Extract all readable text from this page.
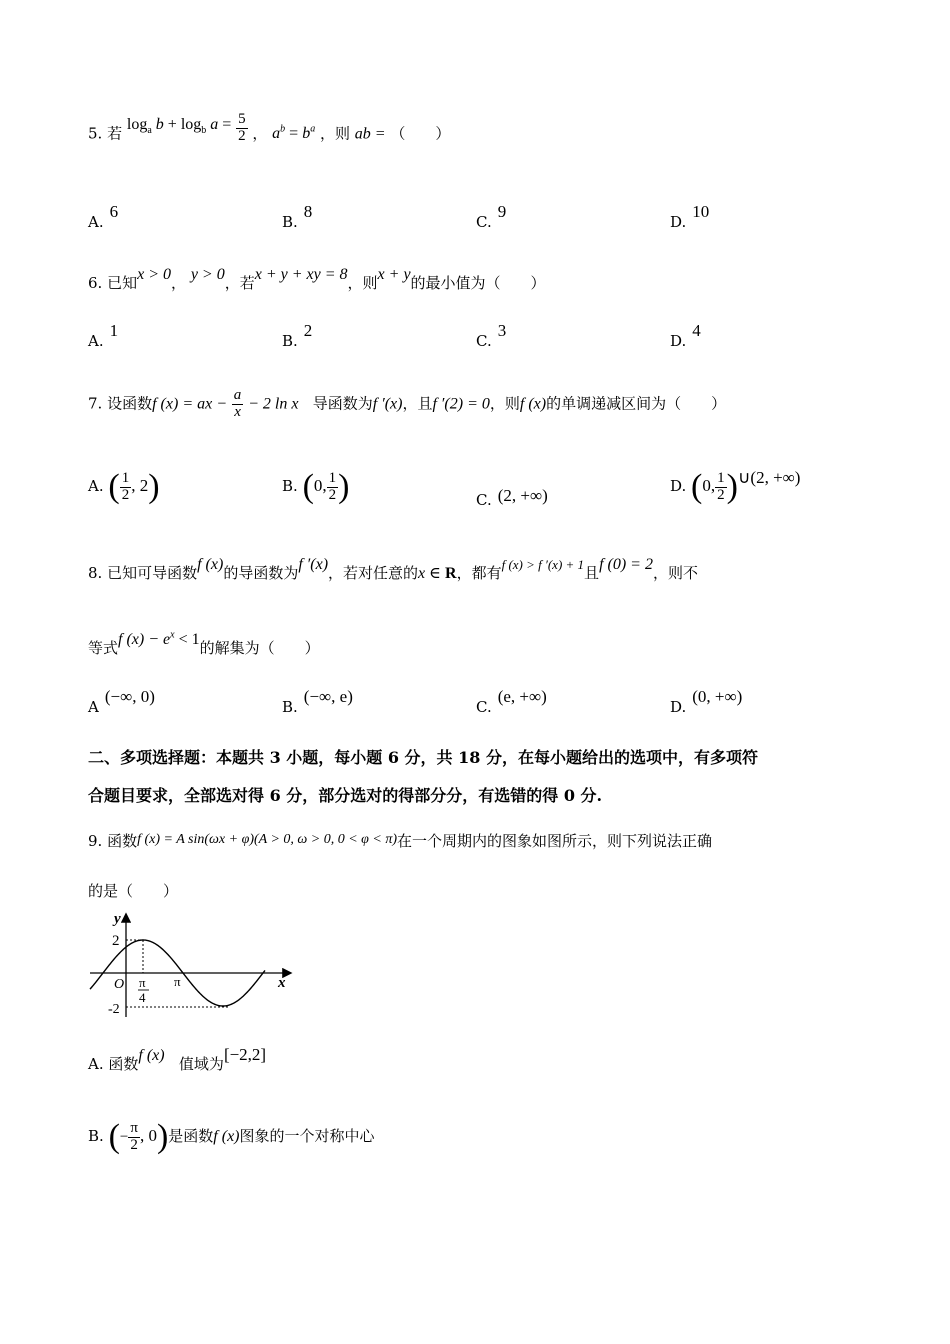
5. 若 $\log_a b + \log_b a = \frac{5}{2}$ ， $a^b = b^a$ ，则 ab = （　　）
A.6
B.8
C.9
D.10
6. 已知x > 0， y > 0，若x + y + xy = 8，则x + y的最小值为（　　）
A.1
B.2
C.3
D.4
7. 设函数f (x) = ax − $\frac{a}{x} - 2$ ln x 导函数为f ′(x)，且f ′(2) = 0，则f (x)的单调递减区间为（　　）
A. ( $\frac{1}{2}$ , 2)	B. (0, $\frac{1}{2}$ )	C. (2, +∞)	D. (0, $\frac{1}{2}$ )∪(2, +∞)
8. 已知可导函数f (x)的导函数为f ′(x)，若对任意的x ∈ R，都有f (x) > f ′(x) + 1且f (0) = 2，则不
等式f $(x) - e^x < 1$的解集为（　　）
A(−∞, 0)
B.(−∞, e)
C.(e, +∞)
D.(0, +∞)
二、多项选择题：本题共 3 小题，每小题 6 分，共 18 分，在每小题给出的选项中，有多项符
合题目要求，全部选对得 6 分，部分选对的得部分分，有选错的得 0 分.
9. 函数f (x) = A sin(ωx + φ)(A > 0, ω > 0, 0 < φ < π)在一个周期内的图象如图所示，则下列说法正确
的是（　　）
y
x
2
-2
O π
4
π
A. 函数f (x) 值域为[−2,2]
B. (− $\frac{\pi}{2}$ , 0)是函数f (x)图象的一个对称中心
